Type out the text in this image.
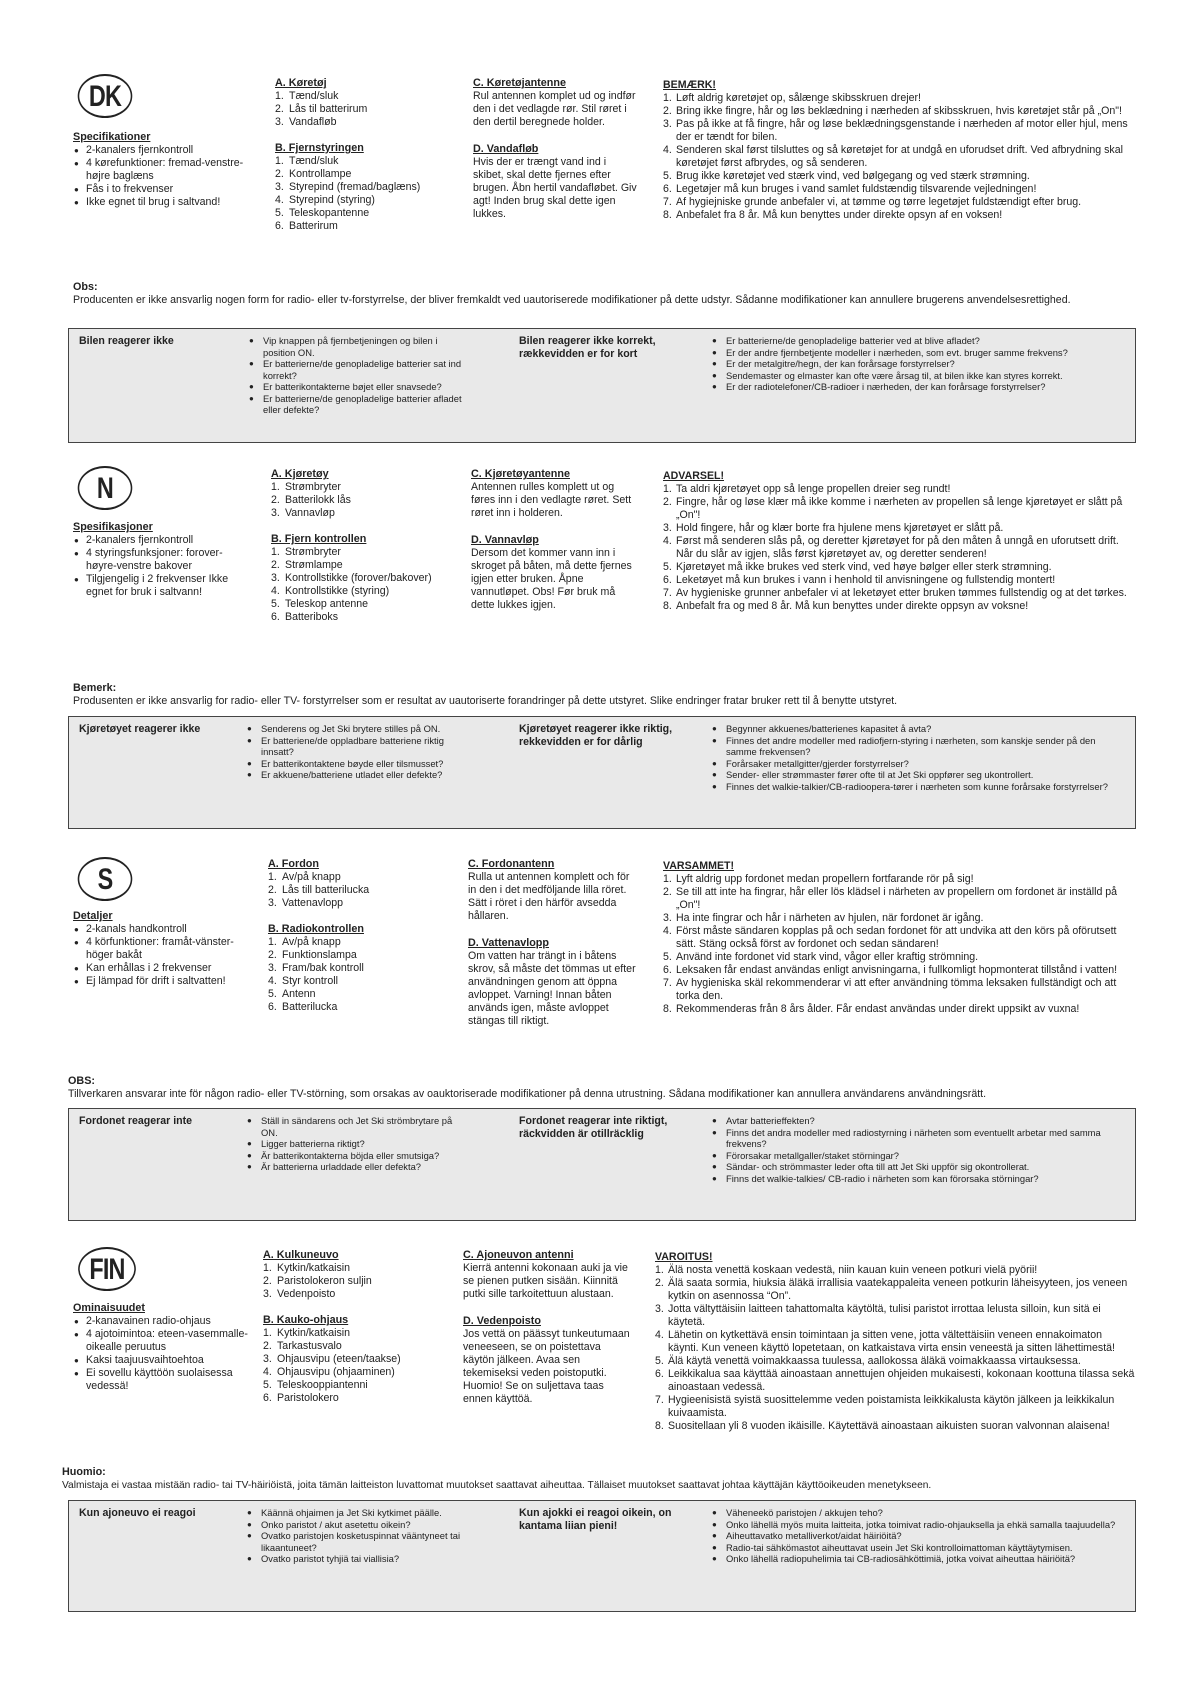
DK
Specifikationer
● 2-kanalers fjernkontroll
● 4 kørefunktioner: fremad-venstre-højre baglæns
● Fås i to frekvenser
● Ikke egnet til brug i saltvand!
A. Køretøj
1. Tænd/sluk
2. Lås til batterirum
3. Vandafløb
B. Fjernstyringen
1. Tænd/sluk
2. Kontrollampe
3. Styrepind (fremad/baglæns)
4. Styrepind (styring)
5. Teleskopantenne
6. Batterirum
C. Køretøjantenne

Rul antennen komplet ud og indfør den i det vedlagde rør. Stil røret i den dertil beregnede holder.

D. Vandafløb

Hvis der er trængt vand ind i skibet, skal dette fjernes efter brugen. Åbn hertil vandafløbet. Giv agt! Inden brug skal dette igen lukkes.

BEMÆRK!
1. Løft aldrig køretøjet op, sålænge skibsskruen drejer!
2. Bring ikke fingre, hår og løs beklædning i nærheden af skibsskruen, hvis køretøjet står på „On"!
3. Pas på ikke at få fingre, hår og løse beklædningsgenstande i nærheden af motor eller hjul, mens der er tændt for bilen.
4. Senderen skal først tilsluttes og så køretøjet for at undgå en uforudset drift. Ved afbrydning skal køretøjet først afbrydes, og så senderen.
5. Brug ikke køretøjet ved stærk vind, ved bølgegang og ved stærk strømning.
6. Legetøjer må kun bruges i vand samlet fuldstændig tilsvarende vejledningen!
7. Af hygiejniske grunde anbefaler vi, at tømme og tørre legetøjet fuldstændigt efter brug.
8. Anbefalet fra 8 år. Må kun benyttes under direkte opsyn af en voksen!
Obs:

Producenten er ikke ansvarlig nogen form for radio- eller tv-forstyrrelse, der bliver fremkaldt ved uautoriserede modifikationer på dette udstyr. Sådanne modifikationer kan annullere brugerens anvendelsesrettighed.

Bilen reagerer ikke	● Vip knappen på fjernbetjeningen og bilen i position ON.
● Er batterierne/de genopladelige batterier sat ind korrekt?
● Er batterikontakterne bøjet eller snavsede?
● Er batterierne/de genopladelige batterier afladet eller defekte?
Bilen reagerer ikke korrekt, rækkevidden er for kort
● Er batterierne/de genopladelige batterier ved at blive afladet?
● Er der andre fjernbetjente modeller i nærheden, som evt. bruger samme frekvens?
● Er der metalgitre/hegn, der kan forårsage forstyrrelser?
● Sendemaster og elmaster kan ofte være årsag til, at bilen ikke kan styres korrekt.
● Er der radiotelefoner/CB-radioer i nærheden, der kan forårsage forstyrrelser?
N
Spesifikasjoner
● 2-kanalers fjernkontroll
● 4 styringsfunksjoner: forover-høyre-venstre bakover
● Tilgjengelig i 2 frekvenser Ikke egnet for bruk i saltvann!
A. Kjøretøy
1. Strømbryter
2. Batterilokk lås
3. Vannavløp
B. Fjern kontrollen
1. Strømbryter
2. Strømlampe
3. Kontrollstikke (forover/bakover)
4. Kontrollstikke (styring)
5. Teleskop antenne
6. Batteriboks
C. Kjøretøyantenne

Antennen rulles komplett ut og føres inn i den vedlagte røret. Sett røret inn i holderen.

D. Vannavløp

Dersom det kommer vann inn i skroget på båten, må dette fjernes igjen etter bruken. Åpne vannutløpet. Obs! Før bruk må dette lukkes igjen.

ADVARSEL!
1. Ta aldri kjøretøyet opp så lenge propellen dreier seg rundt!
2. Fingre, hår og løse klær må ikke komme i nærheten av propellen så lenge kjøretøyet er slått på „On"!
3. Hold fingere, hår og klær borte fra hjulene mens kjøretøyet er slått på.
4. Først må senderen slås på, og deretter kjøretøyet for på den måten å unngå en uforutsett drift. Når du slår av igjen, slås først kjøretøyet av, og deretter senderen!
5. Kjøretøyet må ikke brukes ved sterk vind, ved høye bølger eller sterk strømning.
6. Leketøyet må kun brukes i vann i henhold til anvisningene og fullstendig montert!
7. Av hygieniske grunner anbefaler vi at leketøyet etter bruken tømmes fullstendig og at det tørkes.
8. Anbefalt fra og med 8 år. Må kun benyttes under direkte oppsyn av voksne!
Bemerk:

Produsenten er ikke ansvarlig for radio- eller TV- forstyrrelser som er resultat av uautoriserte forandringer på dette utstyret. Slike endringer fratar bruker rett til å benytte utstyret.

Kjøretøyet reagerer ikke	● Senderens og Jet Ski bryterе stilles på ON.
● Er batteriene/de oppladbare batteriene riktig innsatt?
● Er batterikontaktene bøyde eller tilsmusset?
● Er akkuene/batteriene utladet eller defekte?
Kjøretøyet reagerer ikke riktig, rekkevidden er for dårlig
● Begynner akkuenes/batterienes kapasitet å avta?
● Finnes det andre modeller med radiofjern-styring i nærheten, som kanskje sender på den samme frekvensen?
● Forårsaker metallgitter/gjerder forstyrrelser?
● Sender- eller strømmaster fører ofte til at Jet Ski oppfører seg ukontrollert.
● Finnes det walkie-talkier/CB-radioopera-tører i nærheten som kunne forårsake forstyrrelser?
S
Detaljer
● 2-kanals handkontroll
● 4 körfunktioner: framåt-vänster-höger bakåt
● Kan erhållas i 2 frekvenser
● Ej lämpad för drift i saltvatten!
A. Fordon
1. Av/på knapp
2. Lås till batterilucka
3. Vattenavlopp
B. Radiokontrollen
1. Av/på knapp
2. Funktionslampa
3. Fram/bak kontroll
4. Styr kontroll
5. Antenn
6. Batterilucka
C. Fordonantenn

Rulla ut antennen komplett och för in den i det medföljande lilla röret. Sätt i röret i den härför avsedda hållaren.

D. Vattenavlopp

Om vatten har trängt in i båtens skrov, så måste det tömmas ut efter användningen genom att öppna avloppet. Varning! Innan båten används igen, måste avloppet stängas till riktigt.

VARSAMMET!
1. Lyft aldrig upp fordonet medan propellern fortfarande rör på sig!
2. Se till att inte ha fingrar, hår eller lös klädsel i närheten av propellern om fordonet är inställd på „On"!
3. Ha inte fingrar och hår i närheten av hjulen, när fordonet är igång.
4. Först måste sändaren kopplas på och sedan fordonet för att undvika att den körs på oförutsett sätt. Stäng också först av fordonet och sedan sändaren!
5. Använd inte fordonet vid stark vind, vågor eller kraftig strömning.
6. Leksaken får endast användas enligt anvisningarna, i fullkomligt hopmonterat tillstånd i vatten!
7. Av hygieniska skäl rekommenderar vi att efter användning tömma leksaken fullständigt och att torka den.
8. Rekommenderas från 8 års ålder. Får endast användas under direkt uppsikt av vuxna!
OBS:

Tillverkaren ansvarar inte för någon radio- eller TV-störning, som orsakas av oauktoriserade modifikationer på denna utrustning. Sådana modifikationer kan annullera användarens användningsrätt.

Fordonet reagerar inte	● Ställ in sändarens och Jet Ski strömbrytare på ON.
● Ligger batterierna riktigt?
● Är batterikontakterna böjda eller smutsiga?
● Är batterierna urladdade eller defekta?
Fordonet reagerar inte riktigt, räckvidden är otillräcklig
● Avtar batterieffekten?
● Finns det andra modeller med radiostyrning i närheten som eventuellt arbetar med samma frekvens?
● Förorsakar metallgaller/staket störningar?
● Sändar- och strömmaster leder ofta till att Jet Ski uppför sig okontrollerat.
● Finns det walkie-talkies/ CB-radio i närheten som kan förorsaka störningar?
FIN
Ominaisuudet
● 2-kanavainen radio-ohjaus
● 4 ajotoimintoa: eteen-vasemmalle-oikealle peruutus
● Kaksi taajuusvaihtoehtoa
● Ei sovellu käyttöön suolaisessa vedessä!
A. Kulkuneuvo
1. Kytkin/katkaisin
2. Paristolokeron suljin
3. Vedenpoisto
B. Kauko-ohjaus
1. Kytkin/katkaisin
2. Tarkastusvalo
3. Ohjausvipu (eteen/taakse)
4. Ohjausvipu (ohjaaminen)
5. Teleskooppiantenni
6. Paristolokero
C. Ajoneuvon antenni

Kierrä antenni kokonaan auki ja vie se pienen putken sisään. Kiinnitä putki sille tarkoitettuun alustaan.

D. Vedenpoisto

Jos vettä on päässyt tunkeutumaan veneeseen, se on poistettava käytön jälkeen. Avaa sen tekemiseksi veden poistoputki. Huomio! Se on suljettava taas ennen käyttöä.

VAROITUS!
1. Älä nosta venettä koskaan vedestä, niin kauan kuin veneen potkuri vielä pyörii!
2. Älä saata sormia, hiuksia äläkä irrallisia vaatekappaleita veneen potkurin läheisyyteen, jos veneen kytkin on asennossa “On”.
3. Jotta vältyttäisiin laitteen tahattomalta käytöltä, tulisi paristot irrottaa lelusta silloin, kun sitä ei käytetä.
4. Lähetin on kytkettävä ensin toimintaan ja sitten vene, jotta vältettäisiin veneen ennakoimaton käynti. Kun veneen käyttö lopetetaan, on katkaistava virta ensin veneestä ja sitten lähettimestä!
5. Älä käytä venettä voimakkaassa tuulessa, aallokossa äläkä voimakkaassa virtauksessa.
6. Leikkikalua saa käyttää ainoastaan annettujen ohjeiden mukaisesti, kokonaan koottuna tilassa sekä ainoastaan vedessä.
7. Hygieenisistä syistä suosittelemme veden poistamista leikkikalusta käytön jälkeen ja leikkikalun kuivaamista.
8. Suositellaan yli 8 vuoden ikäisille. Käytettävä ainoastaan aikuisten suoran valvonnan alaisena!
Huomio:

Valmistaja ei vastaa mistään radio- tai TV-häiriöistä, joita tämän laitteiston luvattomat muutokset saattavat aiheuttaa. Tällaiset muutokset saattavat johtaa käyttäjän käyttöoikeuden menetykseen.

Kun ajoneuvo ei reagoi	● Käännä ohjaimen ja Jet Ski kytkimet päälle.
● Onko paristot / akut asetettu oikein?
● Ovatko paristojen kosketuspinnat vääntyneet tai likaantuneet?
● Ovatko paristot tyhjiä tai viallisia?
Kun ajokki ei reagoi oikein, on kantama liian pieni!
● Väheneekö paristojen / akkujen teho?
● Onko lähellä myös muita laitteita, jotka toimivat radio-ohjauksella ja ehkä samalla taajuudella?
● Aiheuttavatko metalliverkot/aidat häiriöitä?
● Radio-tai sähkömastot aiheuttavat usein Jet Ski kontrolloimattoman käyttäytymisen.
● Onko lähellä radiopuhelimia tai CB-radiosähköttimiä, jotka voivat aiheuttaa häiriöitä?
